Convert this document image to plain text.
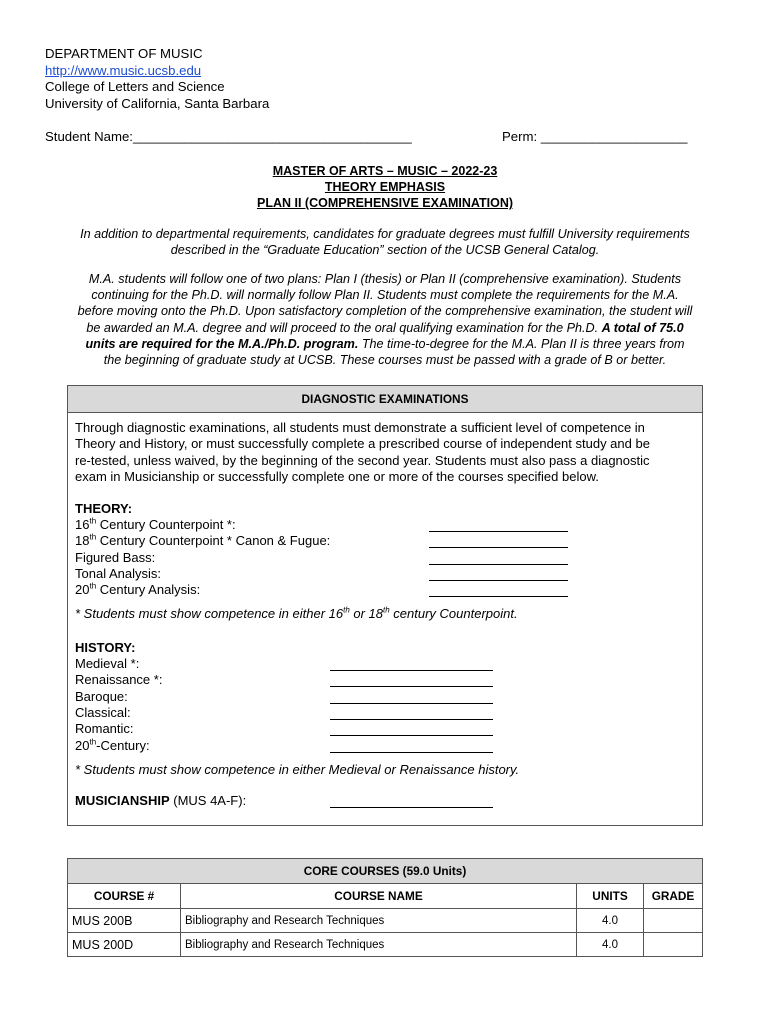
DEPARTMENT OF MUSIC
http://www.music.ucsb.edu
College of Letters and Science
University of California, Santa Barbara
Student Name:______________________________________	Perm: ____________________
MASTER OF ARTS – MUSIC – 2022-23
THEORY EMPHASIS
PLAN II (COMPREHENSIVE EXAMINATION)
In addition to departmental requirements, candidates for graduate degrees must fulfill University requirements
described in the “Graduate Education” section of the UCSB General Catalog.
M.A. students will follow one of two plans: Plan I (thesis) or Plan II (comprehensive examination). Students
continuing for the Ph.D. will normally follow Plan II. Students must complete the requirements for the M.A.
before moving onto the Ph.D. Upon satisfactory completion of the comprehensive examination, the student will
be awarded an M.A. degree and will proceed to the oral qualifying examination for the Ph.D. A total of 75.0
units are required for the M.A./Ph.D. program. The time-to-degree for the M.A. Plan II is three years from
the beginning of graduate study at UCSB. These courses must be passed with a grade of B or better.
DIAGNOSTIC EXAMINATIONS
Through diagnostic examinations, all students must demonstrate a sufficient level of competence in
Theory and History, or must successfully complete a prescribed course of independent study and be
re-tested, unless waived, by the beginning of the second year. Students must also pass a diagnostic
exam in Musicianship or successfully complete one or more of the courses specified below.
THEORY:
16th Century Counterpoint *:
18th Century Counterpoint * Canon & Fugue:
Figured Bass:
Tonal Analysis:
20th Century Analysis:
* Students must show competence in either 16th or 18th century Counterpoint.
HISTORY:
Medieval *:
Renaissance *:
Baroque:
Classical:
Romantic:
20th-Century:
* Students must show competence in either Medieval or Renaissance history.
MUSICIANSHIP (MUS 4A-F):
CORE COURSES (59.0 Units)			
COURSE #	COURSE NAME	UNITS	GRADE
MUS 200B	Bibliography and Research Techniques	4.0	
MUS 200D	Bibliography and Research Techniques	4.0	
